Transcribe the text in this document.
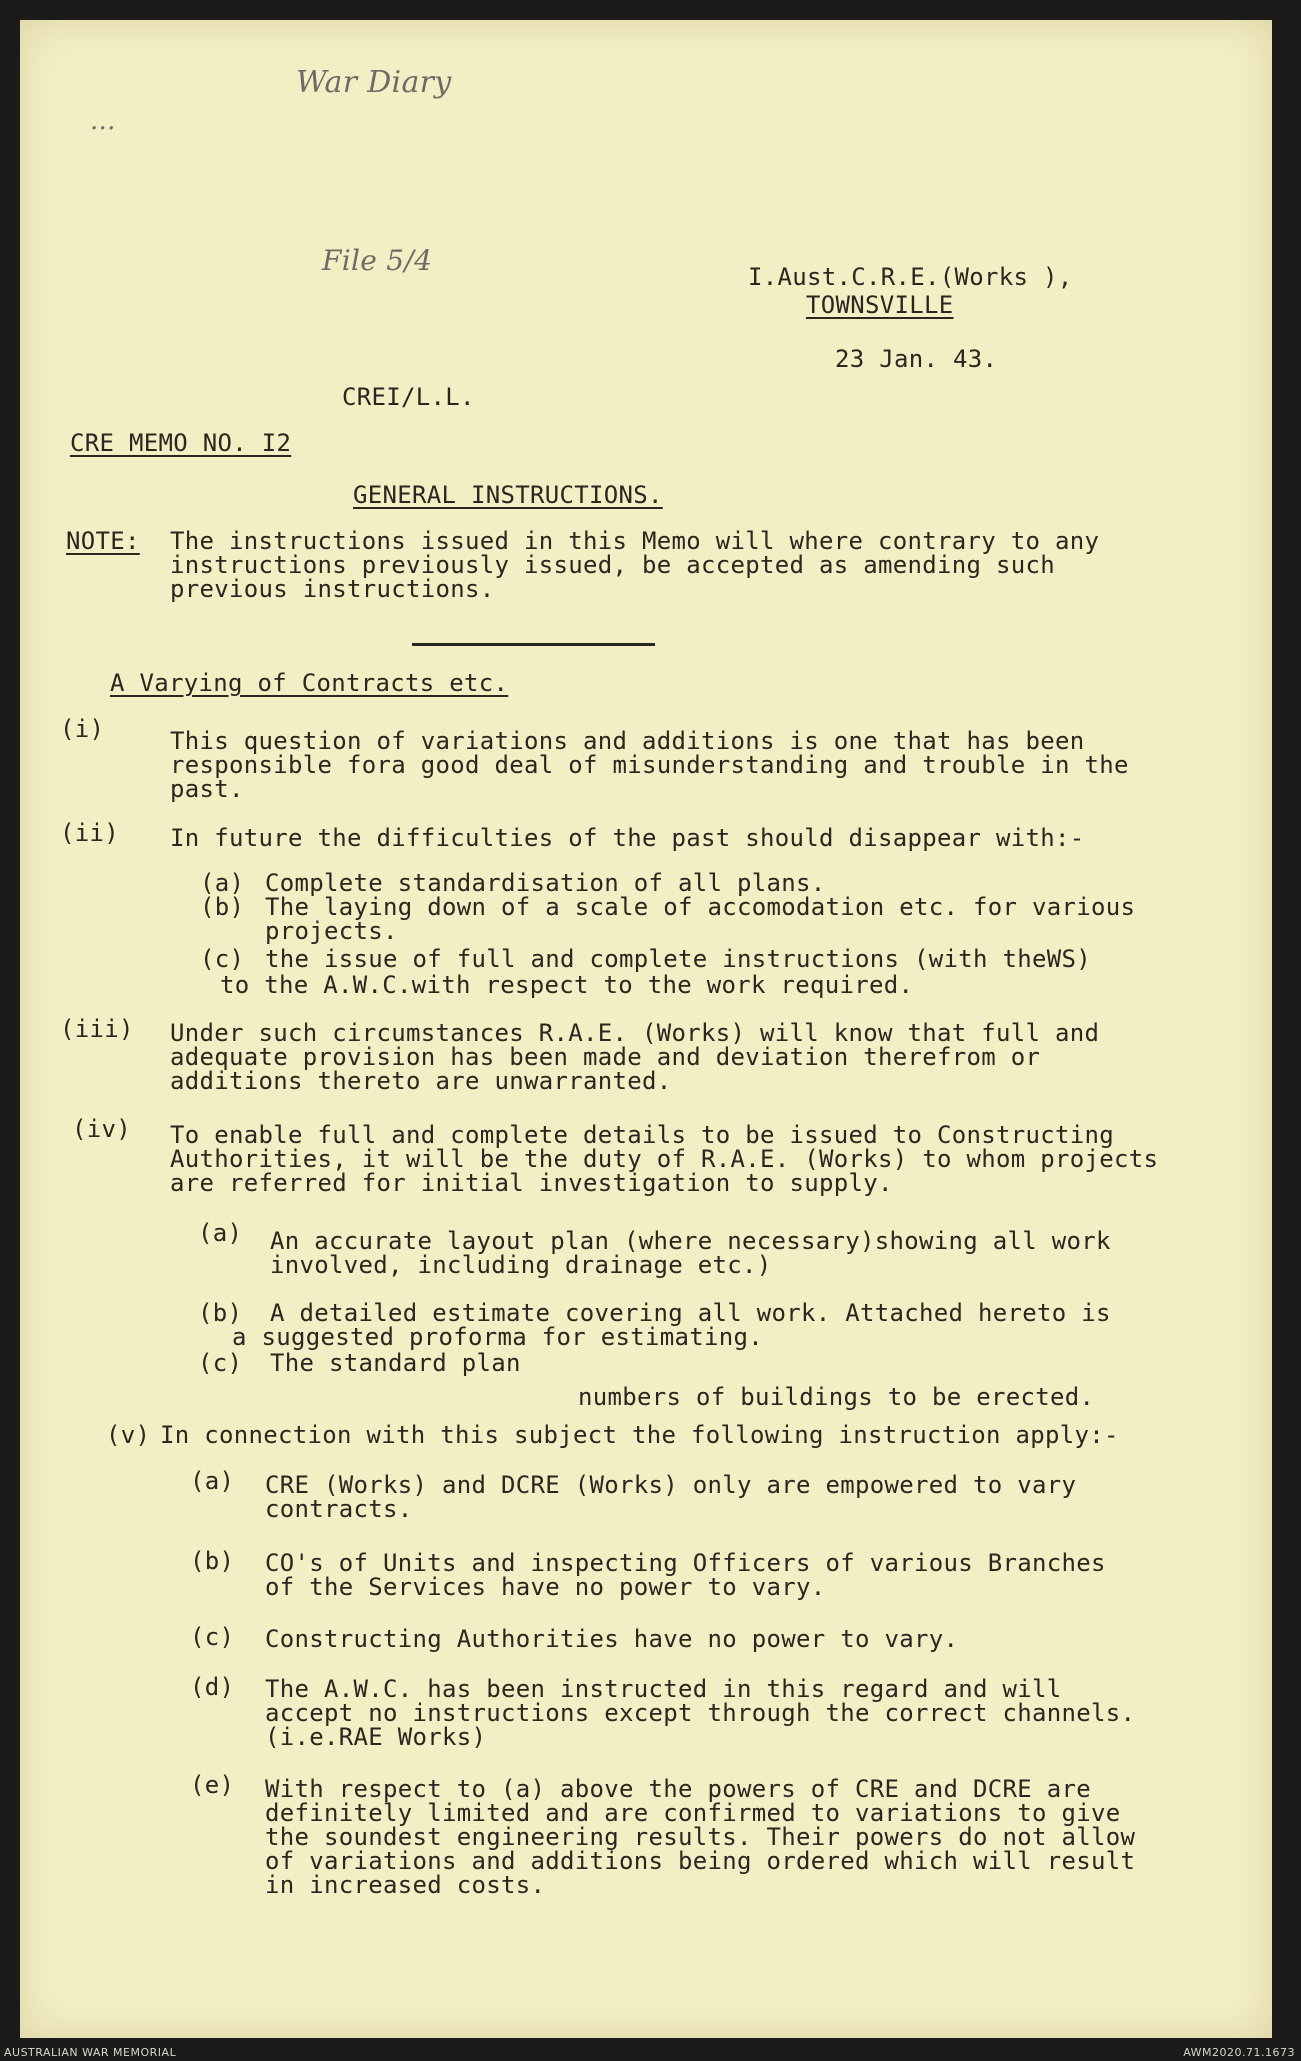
War Diary
...
File 5/4	I.Aust.C.R.E.(Works ),
TOWNSVILLE
23 Jan. 43.
CREI/L.L.
CRE MEMO NO. I2
GENERAL INSTRUCTIONS.
NOTE: The instructions issued in this Memo will where contrary to any
instructions previously issued, be accepted as amending such
previous instructions.
A Varying of Contracts etc.
(i)	This question of variations and additions is one that has been
responsible fora good deal of misunderstanding and trouble in the
past.
(ii) In future the difficulties of the past should disappear with:-
(a) Complete standardisation of all plans.
(b) The laying down of a scale of accomodation etc. for various
projects.
(c) the issue of full and complete instructions (with theWS)
to the A.W.C.with respect to the work required.
(iii) Under such circumstances R.A.E. (Works) will know that full and
adequate provision has been made and deviation therefrom or
additions thereto are unwarranted.
(iv) To enable full and complete details to be issued to Constructing
Authorities, it will be the duty of R.A.E. (Works) to whom projects
are referred for initial investigation to supply.
(a) An accurate layout plan (where necessary)showing all work
involved, including drainage etc.)
(b) A detailed estimate covering all work. Attached hereto is
a suggested proforma for estimating.
(c) The standard plan
numbers of buildings to be erected.
(v) In connection with this subject the following instruction apply:-
(a) CRE (Works) and DCRE (Works) only are empowered to vary
contracts.
(b) CO's of Units and inspecting Officers of various Branches
of the Services have no power to vary.
(c) Constructing Authorities have no power to vary.
(d) The A.W.C. has been instructed in this regard and will
accept no instructions except through the correct channels.
(i.e.RAE Works)
(e) With respect to (a) above the powers of CRE and DCRE are
definitely limited and are confirmed to variations to give
the soundest engineering results. Their powers do not allow
of variations and additions being ordered which will result
in increased costs.
AUSTRALIAN WAR MEMORIAL	AWM2020.71.1673
